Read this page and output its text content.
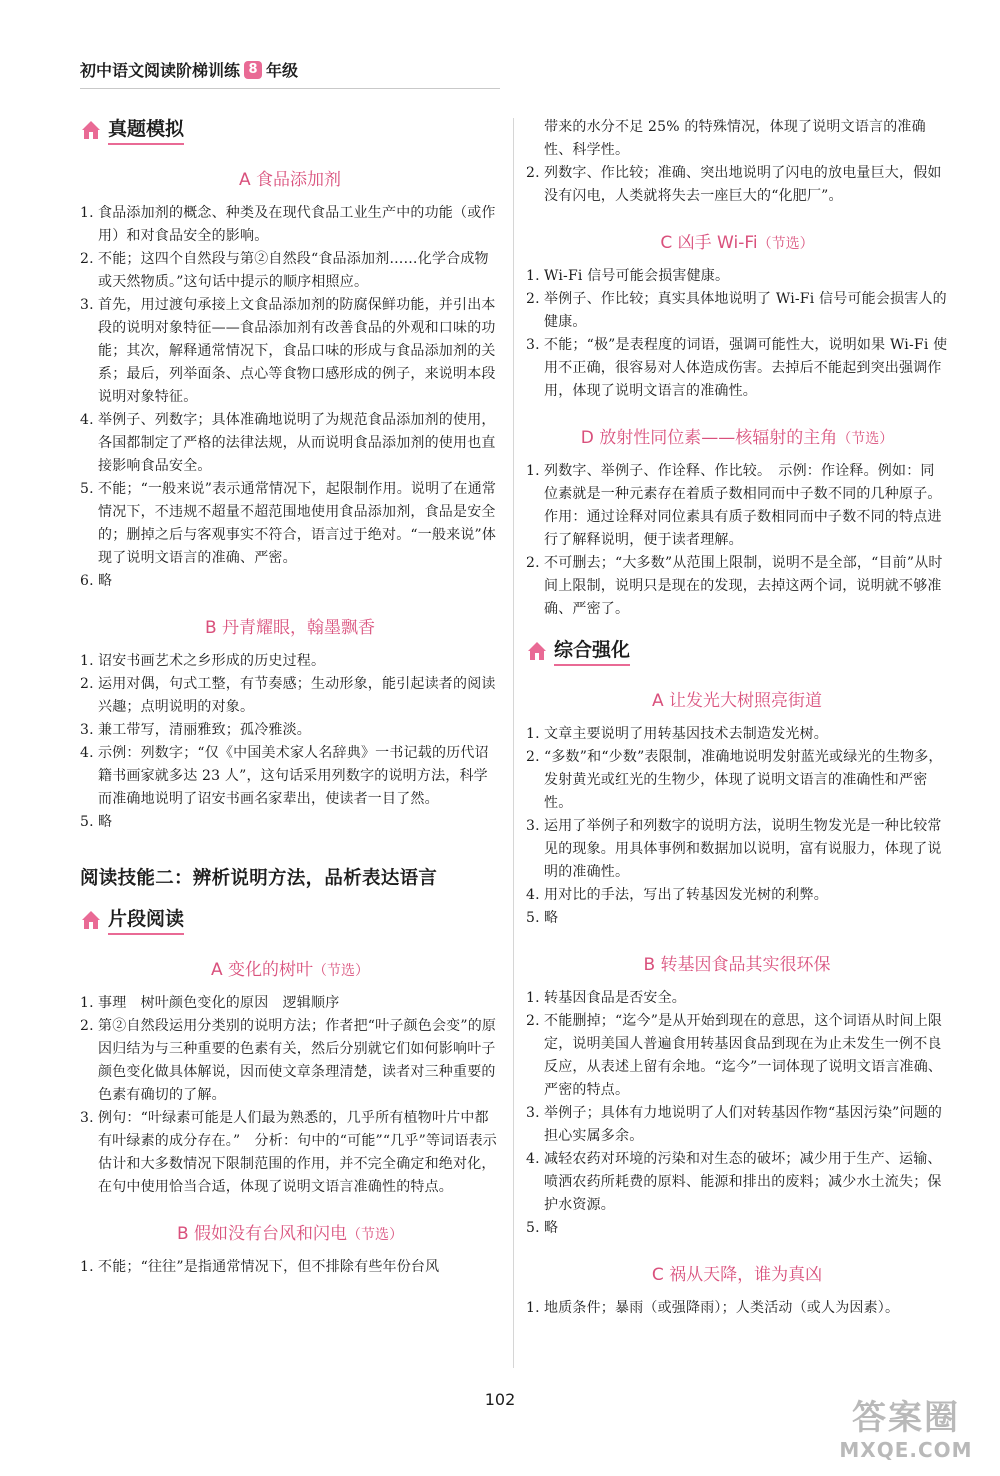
初中语文阅读阶梯训练 8 年级
真题模拟
A 食品添加剂
1. 食品添加剂的概念、种类及在现代食品工业生产中的功能（或作用）和对食品安全的影响。
2. 不能；这四个自然段与第②自然段“食品添加剂……化学合成物或天然物质。”这句话中提示的顺序相照应。
3. 首先，用过渡句承接上文食品添加剂的防腐保鲜功能，并引出本段的说明对象特征——食品添加剂有改善食品的外观和口味的功能；其次，解释通常情况下，食品口味的形成与食品添加剂的关系；最后，列举面条、点心等食物口感形成的例子，来说明本段说明对象特征。
4. 举例子、列数字；具体准确地说明了为规范食品添加剂的使用，各国都制定了严格的法律法规，从而说明食品添加剂的使用也直接影响食品安全。
5. 不能；“一般来说”表示通常情况下，起限制作用。说明了在通常情况下，不违规不超量不超范围地使用食品添加剂，食品是安全的；删掉之后与客观事实不符合，语言过于绝对。“一般来说”体现了说明文语言的准确、严密。
6. 略
B 丹青耀眼，翰墨飘香
1. 诏安书画艺术之乡形成的历史过程。
2. 运用对偶，句式工整，有节奏感；生动形象，能引起读者的阅读兴趣；点明说明的对象。
3. 兼工带写，清丽雅致；孤冷雅淡。
4. 示例：列数字；“仅《中国美术家人名辞典》一书记载的历代诏籍书画家就多达 23 人”，这句话采用列数字的说明方法，科学而准确地说明了诏安书画名家辈出，使读者一目了然。
5. 略
阅读技能二：辨析说明方法，品析表达语言
片段阅读
A 变化的树叶（节选）
1. 事理　树叶颜色变化的原因　逻辑顺序
2. 第②自然段运用分类别的说明方法；作者把“叶子颜色会变”的原因归结为与三种重要的色素有关，然后分别就它们如何影响叶子颜色变化做具体解说，因而使文章条理清楚，读者对三种重要的色素有确切的了解。
3. 例句：“叶绿素可能是人们最为熟悉的，几乎所有植物叶片中都有叶绿素的成分存在。”　分析：句中的“可能”“几乎”等词语表示估计和大多数情况下限制范围的作用，并不完全确定和绝对化，在句中使用恰当合适，体现了说明文语言准确性的特点。
B 假如没有台风和闪电（节选）
1. 不能；“往往”是指通常情况下，但不排除有些年份台风
带来的水分不足 25% 的特殊情况，体现了说明文语言的准确性、科学性。
2. 列数字、作比较；准确、突出地说明了闪电的放电量巨大，假如没有闪电，人类就将失去一座巨大的“化肥厂”。
C 凶手 Wi-Fi（节选）
1. Wi-Fi 信号可能会损害健康。
2. 举例子、作比较；真实具体地说明了 Wi-Fi 信号可能会损害人的健康。
3. 不能；“极”是表程度的词语，强调可能性大，说明如果 Wi-Fi 使用不正确，很容易对人体造成伤害。去掉后不能起到突出强调作用，体现了说明文语言的准确性。
D 放射性同位素——核辐射的主角（节选）
1. 列数字、举例子、作诠释、作比较。　示例：作诠释。例如：同位素就是一种元素存在着质子数相同而中子数不同的几种原子。作用：通过诠释对同位素具有质子数相同而中子数不同的特点进行了解释说明，便于读者理解。
2. 不可删去；“大多数”从范围上限制，说明不是全部，“目前”从时间上限制，说明只是现在的发现，去掉这两个词，说明就不够准确、严密了。
综合强化
A 让发光大树照亮街道
1. 文章主要说明了用转基因技术去制造发光树。
2. “多数”和“少数”表限制，准确地说明发射蓝光或绿光的生物多，发射黄光或红光的生物少，体现了说明文语言的准确性和严密性。
3. 运用了举例子和列数字的说明方法，说明生物发光是一种比较常见的现象。用具体事例和数据加以说明，富有说服力，体现了说明的准确性。
4. 用对比的手法，写出了转基因发光树的利弊。
5. 略
B 转基因食品其实很环保
1. 转基因食品是否安全。
2. 不能删掉；“迄今”是从开始到现在的意思，这个词语从时间上限定，说明美国人普遍食用转基因食品到现在为止未发生一例不良反应，从表述上留有余地。“迄今”一词体现了说明文语言准确、严密的特点。
3. 举例子；具体有力地说明了人们对转基因作物“基因污染”问题的担心实属多余。
4. 减轻农药对环境的污染和对生态的破坏；减少用于生产、运输、喷洒农药所耗费的原料、能源和排出的废料；减少水土流失；保护水资源。
5. 略
C 祸从天降，谁为真凶
1. 地质条件；暴雨（或强降雨）；人类活动（或人为因素）。
102	答案圈
MXQE.COM
